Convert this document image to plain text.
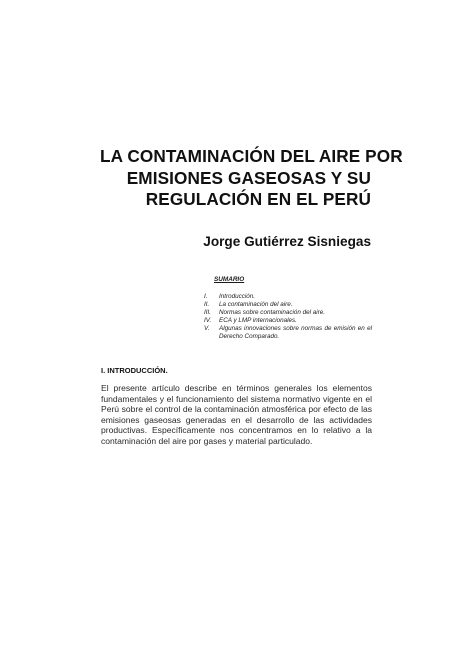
LA CONTAMINACIÓN DEL AIRE POR
EMISIONES GASEOSAS Y SU
REGULACIÓN EN EL PERÚ

Jorge Gutiérrez Sisniegas

SUMARIO

I.	Introducción.
II.	La contaminación del aire.
III.	Normas sobre contaminación del aire.
IV.	ECA y LMP internacionales.
V.	Algunas innovaciones sobre normas de emisión en el Derecho Comparado.
I. INTRODUCCIÓN.

El presente artículo describe en términos generales los elementos fundamentales y el funcionamiento del sistema normativo vigente en el Perú sobre el control de la contaminación atmosférica por efecto de las emisiones gaseosas generadas en el desarrollo de las actividades productivas. Específicamente nos concentramos en lo relativo a la contaminación del aire por gases y material particulado.
